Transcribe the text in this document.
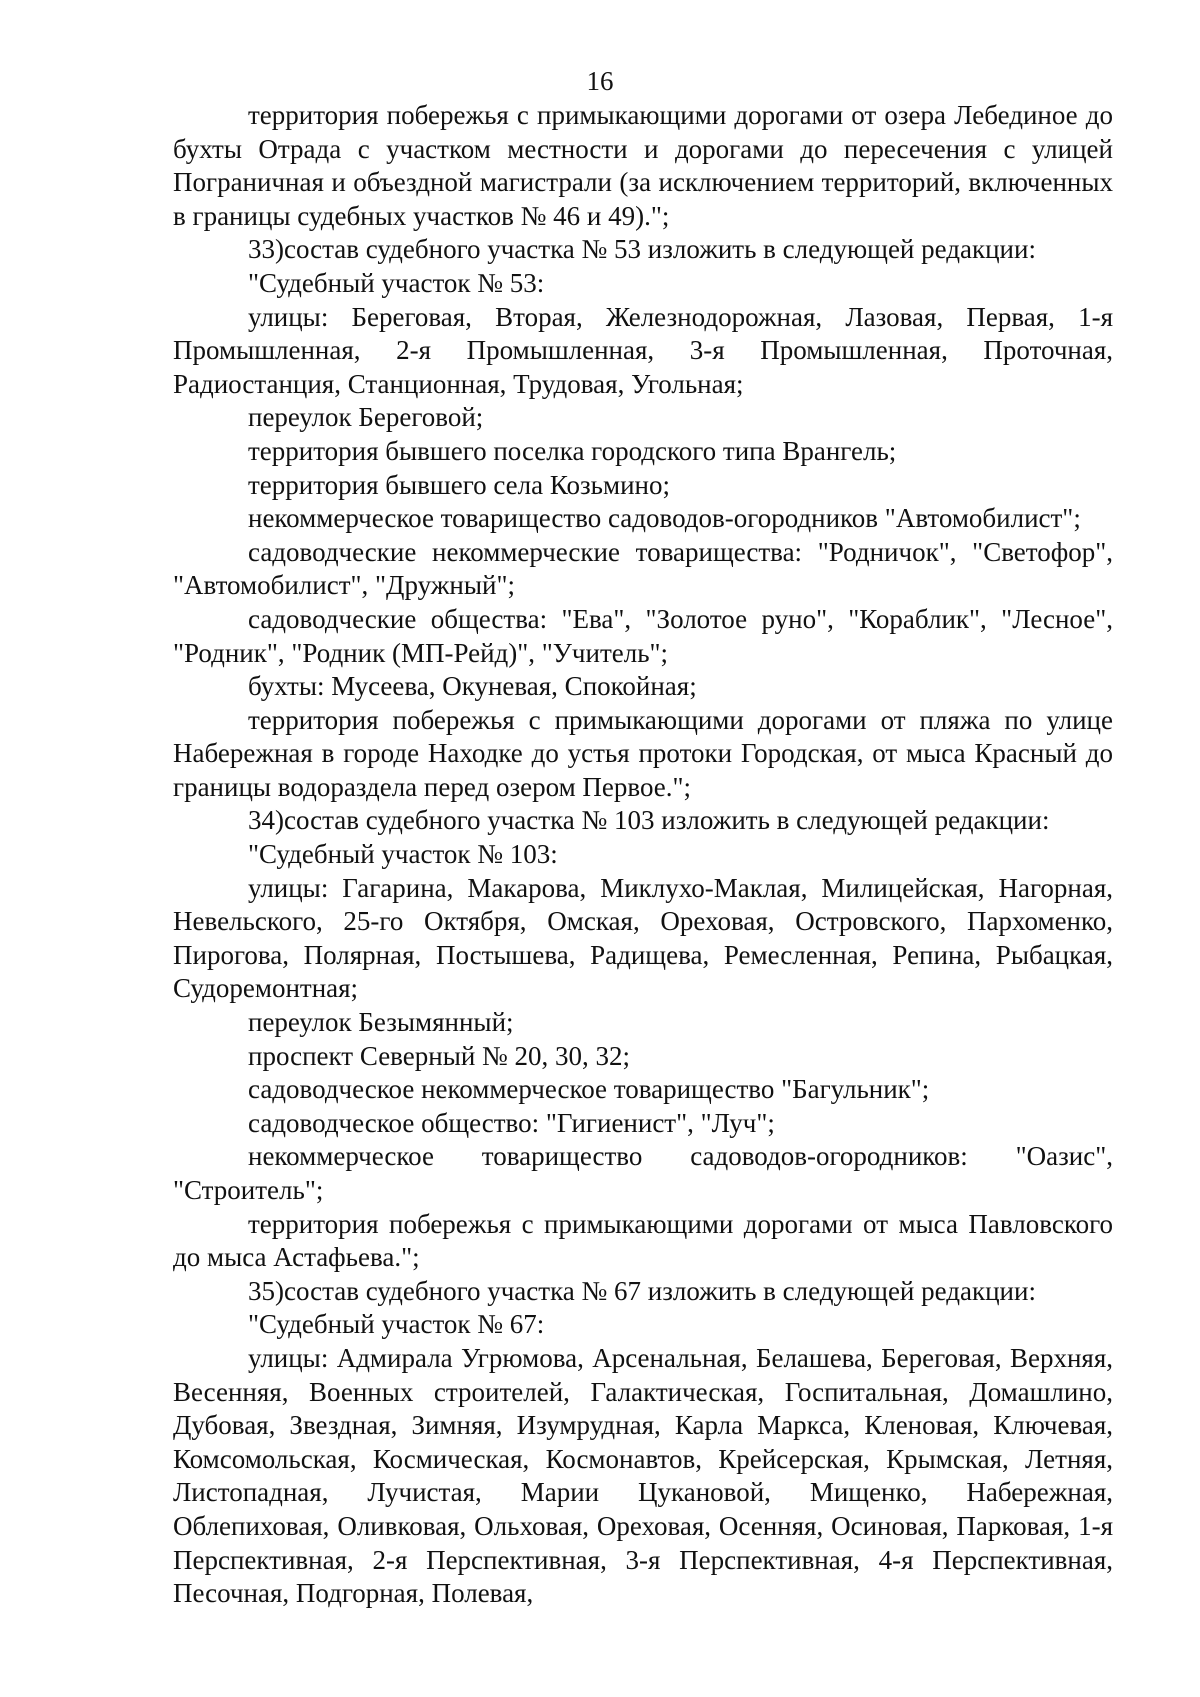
16

территория побережья с примыкающими дорогами от озера Лебединое до бухты Отрада с участком местности и дорогами до пересечения с улицей Пограничная и объездной магистрали (за исключением территорий, включенных в границы судебных участков № 46 и 49).";

33)состав судебного участка № 53 изложить в следующей редакции:

"Судебный участок № 53:

улицы: Береговая, Вторая, Железнодорожная, Лазовая, Первая, 1-я Промышленная, 2-я Промышленная, 3-я Промышленная, Проточная, Радиостанция, Станционная, Трудовая, Угольная;

переулок Береговой;

территория бывшего поселка городского типа Врангель;

территория бывшего села Козьмино;

некоммерческое товарищество садоводов-огородников "Автомобилист";

садоводческие некоммерческие товарищества: "Родничок", "Светофор", "Автомобилист", "Дружный";

садоводческие общества: "Ева", "Золотое руно", "Кораблик", "Лесное", "Родник", "Родник (МП-Рейд)", "Учитель";

бухты: Мусеева, Окуневая, Спокойная;

территория побережья с примыкающими дорогами от пляжа по улице Набережная в городе Находке до устья протоки Городская, от мыса Красный до границы водораздела перед озером Первое.";

34)состав судебного участка № 103 изложить в следующей редакции:

"Судебный участок № 103:

улицы: Гагарина, Макарова, Миклухо-Маклая, Милицейская, Нагорная, Невельского, 25-го Октября, Омская, Ореховая, Островского, Пархоменко, Пирогова, Полярная, Постышева, Радищева, Ремесленная, Репина, Рыбацкая, Судоремонтная;

переулок Безымянный;

проспект Северный № 20, 30, 32;

садоводческое некоммерческое товарищество "Багульник";

садоводческое общество: "Гигиенист", "Луч";

некоммерческое товарищество садоводов-огородников: "Оазис", "Строитель";

территория побережья с примыкающими дорогами от мыса Павловского до мыса Астафьева.";

35)состав судебного участка № 67 изложить в следующей редакции:

"Судебный участок № 67:

улицы: Адмирала Угрюмова, Арсенальная, Белашева, Береговая, Верхняя, Весенняя, Военных строителей, Галактическая, Госпитальная, Домашлино, Дубовая, Звездная, Зимняя, Изумрудная, Карла Маркса, Кленовая, Ключевая, Комсомольская, Космическая, Космонавтов, Крейсерская, Крымская, Летняя, Листопадная, Лучистая, Марии Цукановой, Мищенко, Набережная, Облепиховая, Оливковая, Ольховая, Ореховая, Осенняя, Осиновая, Парковая, 1-я Перспективная, 2-я Перспективная, 3-я Перспективная, 4-я Перспективная, Песочная, Подгорная, Полевая,
